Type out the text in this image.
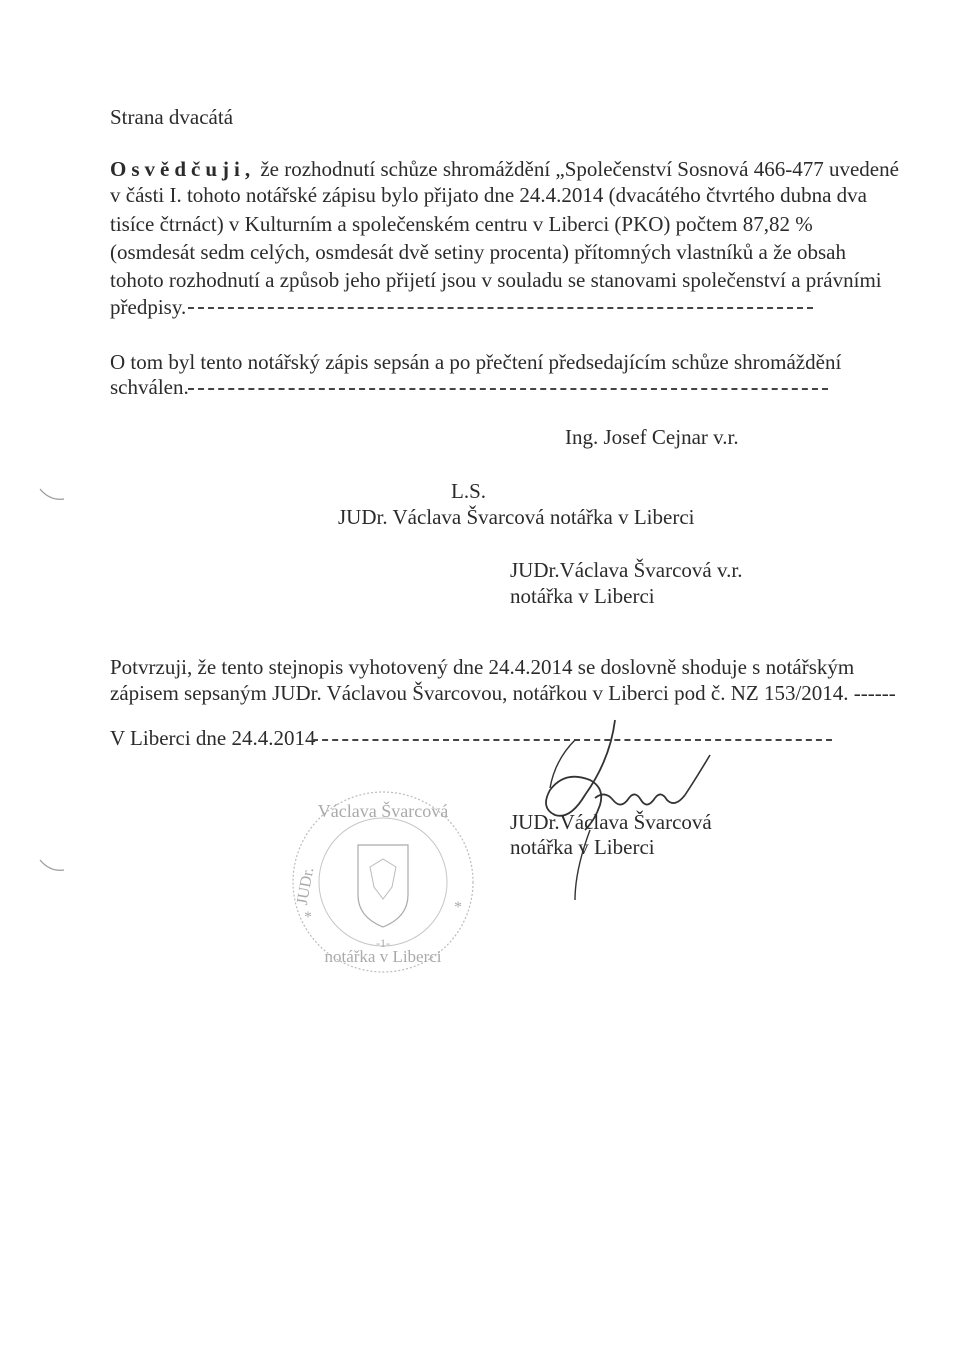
Strana dvacátá
Osvědčuji, že rozhodnutí schůze shromáždění „Společenství Sosnová 466-477 uvedené
v části I. tohoto notářské zápisu bylo přijato dne 24.4.2014 (dvacátého čtvrtého dubna dva
tisíce čtrnáct) v Kulturním a společenském centru v Liberci (PKO) počtem 87,82 %
(osmdesát sedm celých, osmdesát dvě setiny procenta) přítomných vlastníků a že obsah
tohoto rozhodnutí a způsob jeho přijetí jsou v souladu se stanovami společenství a právními
předpisy.
O tom byl tento notářský zápis sepsán a po přečtení předsedajícím schůze shromáždění
schválen.
Ing. Josef Cejnar v.r.
L.S.
JUDr. Václava Švarcová notářka v Liberci
JUDr.Václava Švarcová v.r.
notářka v Liberci
Potvrzuji, že tento stejnopis vyhotovený dne 24.4.2014 se doslovně shoduje s notářským
zápisem sepsaným JUDr. Václavou Švarcovou, notářkou v Liberci pod č. NZ 153/2014. ------
V Liberci dne 24.4.2014
Václava Švarcová
JUDr.
notářka v Liberci
*
*
-1-
JUDr.Václava Švarcová
notářka v Liberci
